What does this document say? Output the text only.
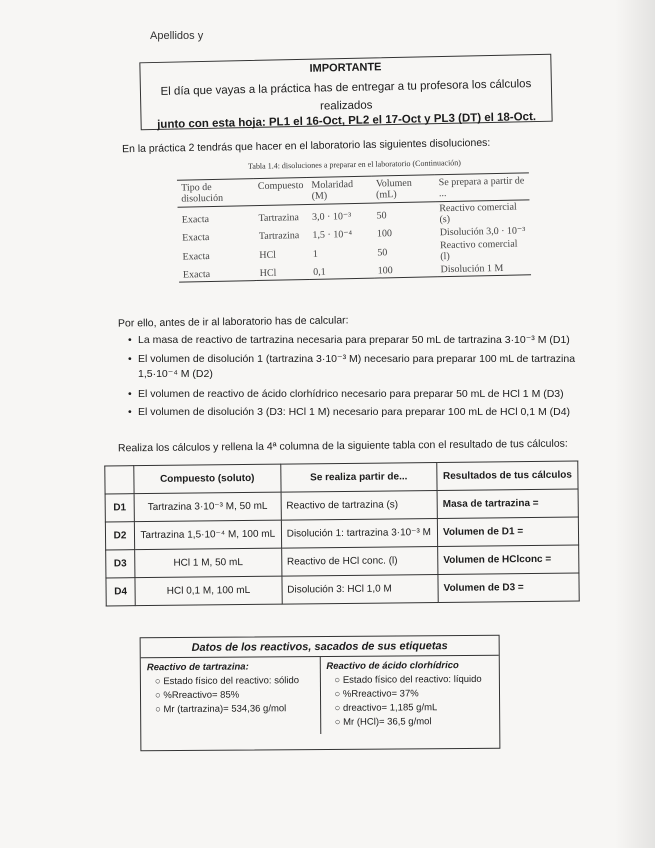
Apellidos y
IMPORTANTE
El día que vayas a la práctica has de entregar a tu profesora los cálculos realizados
junto con esta hoja: PL1 el 16-Oct, PL2 el 17-Oct y PL3 (DT) el 18-Oct.
En la práctica 2 tendrás que hacer en el laboratorio las siguientes disoluciones:
Tabla 1.4: disoluciones a preparar en el laboratorio (Continuación)
Tipo de disolución	Compuesto	Molaridad (M)	Volumen (mL)	Se prepara a partir de ...
Exacta	Tartrazina	3,0 · 10⁻³	50	Reactivo comercial (s)
Exacta	Tartrazina	1,5 · 10⁻⁴	100	Disolución 3,0 · 10⁻³
Exacta	HCl	1	50	Reactivo comercial (l)
Exacta	HCl	0,1	100	Disolución 1 M
Por ello, antes de ir al laboratorio has de calcular:
• La masa de reactivo de tartrazina necesaria para preparar 50 mL de tartrazina 3·10⁻³ M (D1)
• El volumen de disolución 1 (tartrazina 3·10⁻³ M) necesario para preparar 100 mL de tartrazina 1,5·10⁻⁴ M (D2)
• El volumen de reactivo de ácido clorhídrico necesario para preparar 50 mL de HCl 1 M (D3)
• El volumen de disolución 3 (D3: HCl 1 M) necesario para preparar 100 mL de HCl 0,1 M (D4)
Realiza los cálculos y rellena la 4ª columna de la siguiente tabla con el resultado de tus cálculos:
	Compuesto (soluto)	Se realiza partir de...	Resultados de tus cálculos
D1	Tartrazina 3·10⁻³ M, 50 mL	Reactivo de tartrazina (s)	Masa de tartrazina =
D2	Tartrazina 1,5·10⁻⁴ M, 100 mL	Disolución 1: tartrazina 3·10⁻³ M	Volumen de D1 =
D3	HCl 1 M, 50 mL	Reactivo de HCl conc. (l)	Volumen de HClconc =
D4	HCl 0,1 M, 100 mL	Disolución 3: HCl 1,0 M	Volumen de D3 =
Datos de los reactivos, sacados de sus etiquetas
Reactivo de tartrazina:
○ Estado físico del reactivo: sólido
○ %Rreactivo= 85%
○ Mr (tartrazina)= 534,36 g/mol
Reactivo de ácido clorhídrico
○ Estado físico del reactivo: líquido
○ %Rreactivo= 37%
○ dreactivo= 1,185 g/mL
○ Mr (HCl)= 36,5 g/mol
